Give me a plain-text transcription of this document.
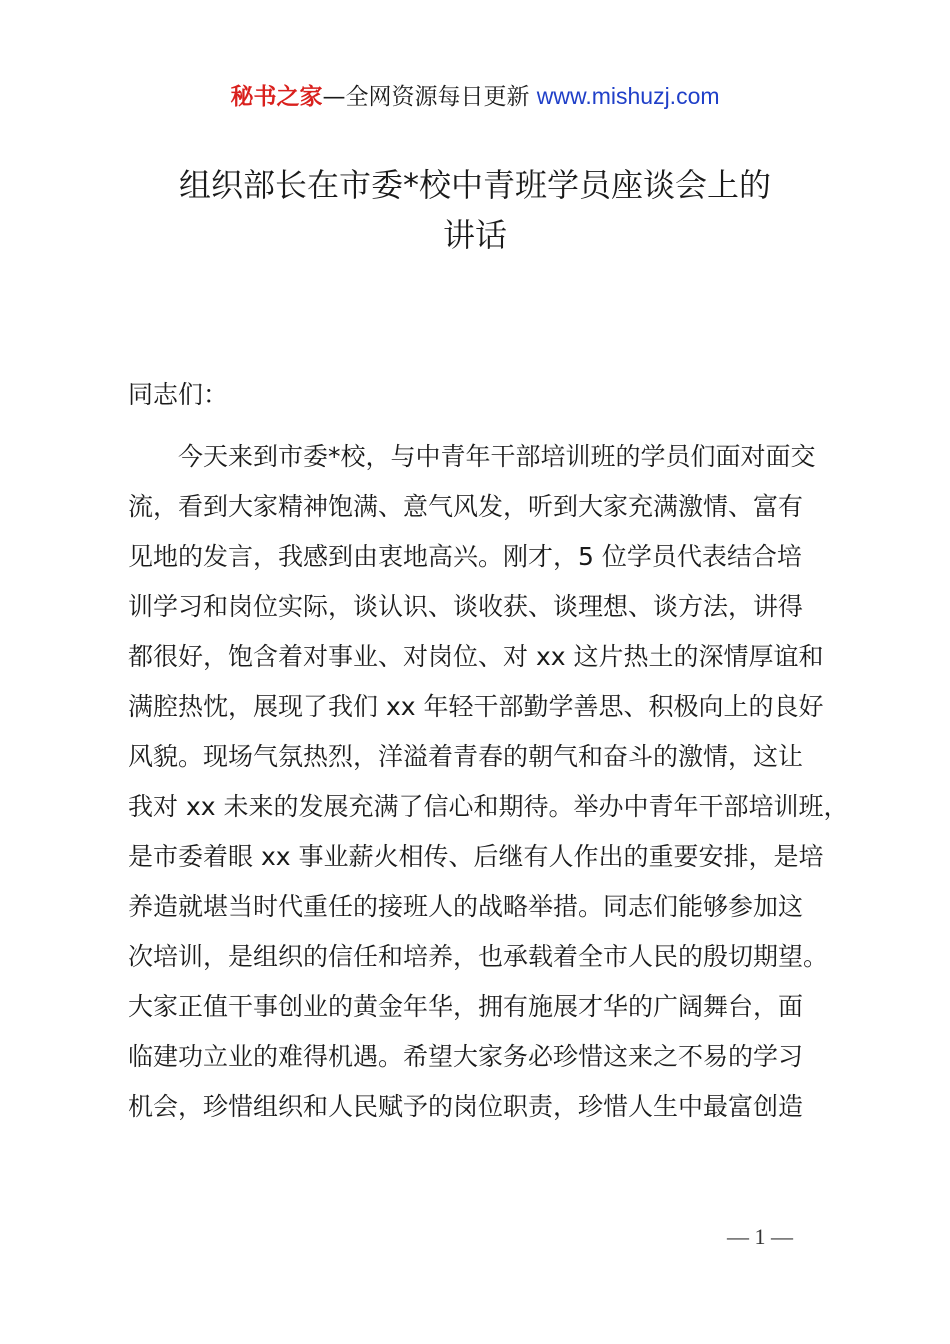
秘书之家—全网资源每日更新 www.mishuzj.com
组织部长在市委*校中青班学员座谈会上的
讲话
同志们：
今天来到市委*校，与中青年干部培训班的学员们面对面交
流，看到大家精神饱满、意气风发，听到大家充满激情、富有
见地的发言，我感到由衷地高兴。刚才，5 位学员代表结合培
训学习和岗位实际，谈认识、谈收获、谈理想、谈方法，讲得
都很好，饱含着对事业、对岗位、对 xx 这片热土的深情厚谊和
满腔热忱，展现了我们 xx 年轻干部勤学善思、积极向上的良好
风貌。现场气氛热烈，洋溢着青春的朝气和奋斗的激情，这让
我对 xx 未来的发展充满了信心和期待。举办中青年干部培训班，
是市委着眼 xx 事业薪火相传、后继有人作出的重要安排，是培
养造就堪当时代重任的接班人的战略举措。同志们能够参加这
次培训，是组织的信任和培养，也承载着全市人民的殷切期望。
大家正值干事创业的黄金年华，拥有施展才华的广阔舞台，面
临建功立业的难得机遇。希望大家务必珍惜这来之不易的学习
机会，珍惜组织和人民赋予的岗位职责，珍惜人生中最富创造
— 1 —
